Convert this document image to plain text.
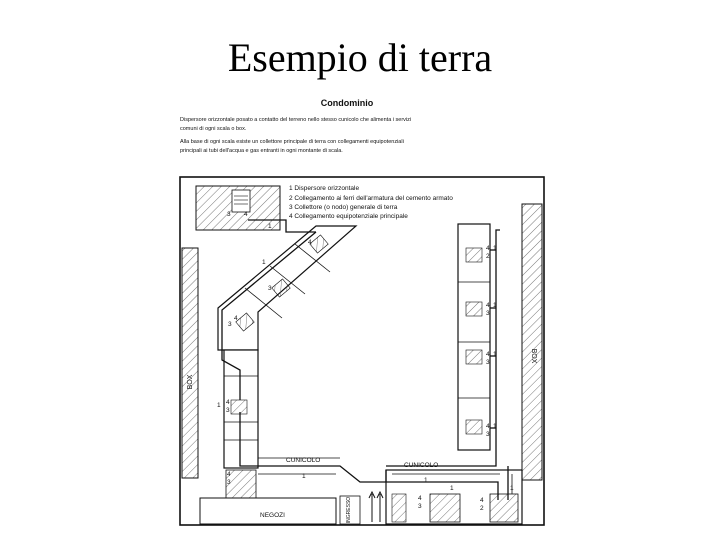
Esempio di terra
Condominio
Dispersore orizzontale posato a contatto del terreno nello stesso cunicolo che alimenta i servizi
comuni di ogni scala o box.
Alla base di ogni scala esiste un collettore principale di terra con collegamenti equipotenziali
principali ai tubi dell'acqua e gas entranti in ogni montante di scala.
1 Dispersore orizzontale
2 Collegamento ai ferri dell'armatura del cemento armato
3 Collettore (o nodo) generale di terra
4 Collegamento equipotenziale principale
BOX
BOX
NEGOZI	INGRESSO
CUNICOLO
CUNICOLO
3 4
1
1
4
3
4
3
1 4
3
4
3
1
4
2
1
4
3
1
4
3
1
4
3
1
1
1
4
3
1
4
2
